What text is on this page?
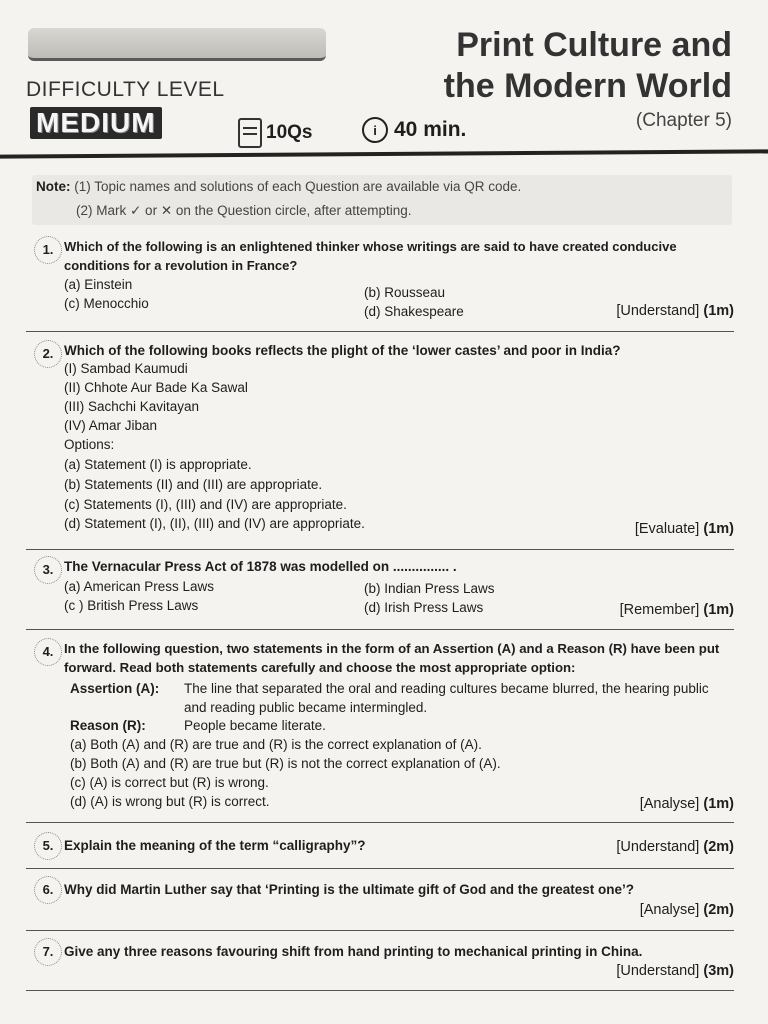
DIFFICULTY LEVEL
MEDIUM	10Qs	i 40 min.
Print Culture and
the Modern World
(Chapter 5)
Note: (1) Topic names and solutions of each Question are available via QR code.
(2) Mark ✓ or ✕ on the Question circle, after attempting.
1. Which of the following is an enlightened thinker whose writings are said to have created conducive conditions for a revolution in France?
(a) Einstein
(b) Rousseau
(c) Menocchio
(d) Shakespeare	[Understand] (1m)
2. Which of the following books reflects the plight of the ‘lower castes’ and poor in India?
(I) Sambad Kaumudi
(II) Chhote Aur Bade Ka Sawal
(III) Sachchi Kavitayan
(IV) Amar Jiban
Options:
(a) Statement (I) is appropriate.
(b) Statements (II) and (III) are appropriate.
(c) Statements (I), (III) and (IV) are appropriate.
(d) Statement (I), (II), (III) and (IV) are appropriate.	[Evaluate] (1m)
3. The Vernacular Press Act of 1878 was modelled on ............... .
(a) American Press Laws	(b) Indian Press Laws
(c ) British Press Laws	(d) Irish Press Laws	[Remember] (1m)
4. In the following question, two statements in the form of an Assertion (A) and a Reason (R) have been put forward. Read both statements carefully and choose the most appropriate option:
Assertion (A): The line that separated the oral and reading cultures became blurred, the hearing public and reading public became intermingled.
Reason (R):	People became literate.
(a) Both (A) and (R) are true and (R) is the correct explanation of (A).
(b) Both (A) and (R) are true but (R) is not the correct explanation of (A).
(c) (A) is correct but (R) is wrong.
(d) (A) is wrong but (R) is correct.	[Analyse] (1m)
5. Explain the meaning of the term “calligraphy”?	[Understand] (2m)
6. Why did Martin Luther say that ‘Printing is the ultimate gift of God and the greatest one’?
[Analyse] (2m)
7. Give any three reasons favouring shift from hand printing to mechanical printing in China.
[Understand] (3m)
